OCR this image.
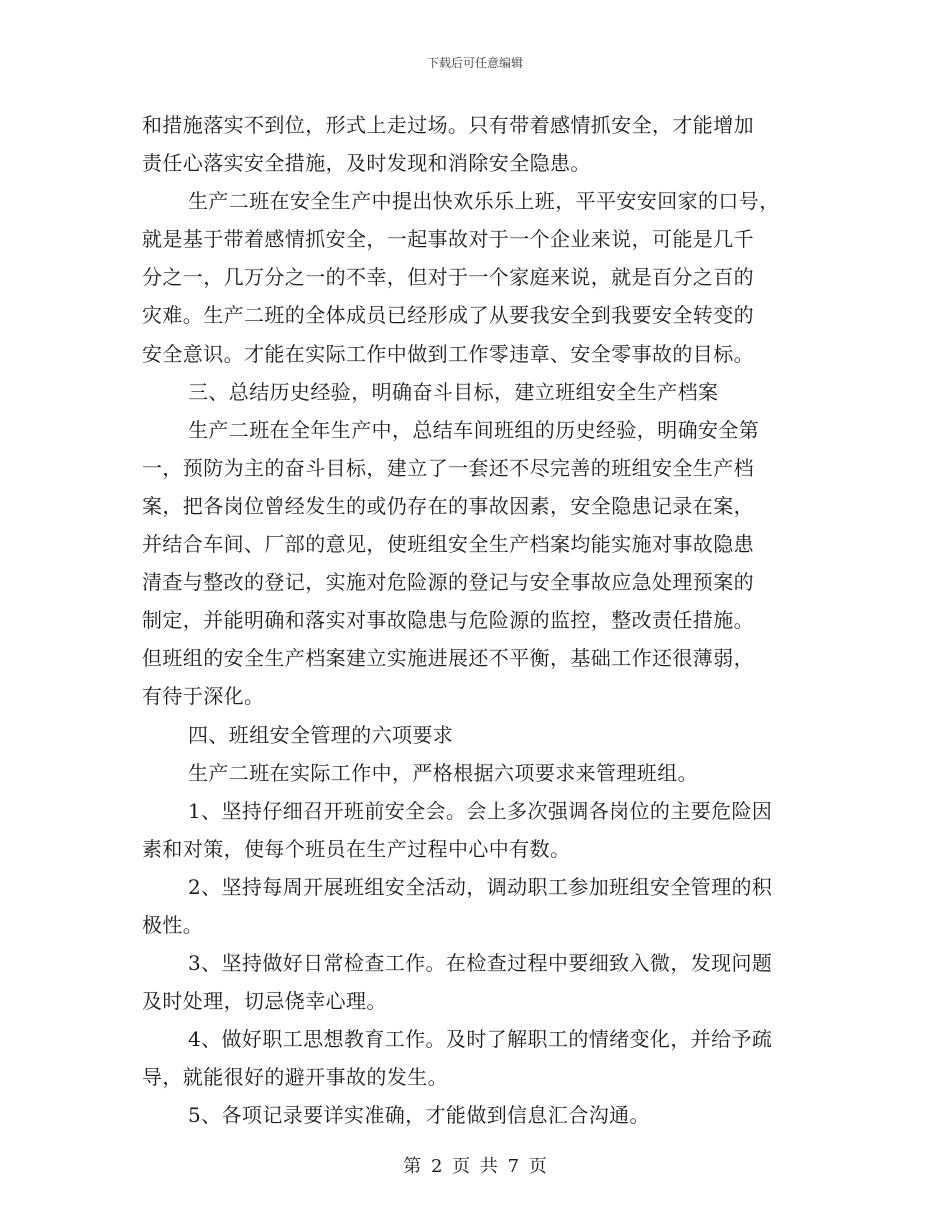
下载后可任意编辑
和措施落实不到位，形式上走过场。只有带着感情抓安全，才能增加
责任心落实安全措施，及时发现和消除安全隐患。
生产二班在安全生产中提出快欢乐乐上班，平平安安回家的口号，
就是基于带着感情抓安全，一起事故对于一个企业来说，可能是几千
分之一，几万分之一的不幸，但对于一个家庭来说，就是百分之百的
灾难。生产二班的全体成员已经形成了从要我安全到我要安全转变的
安全意识。才能在实际工作中做到工作零违章、安全零事故的目标。
三、总结历史经验，明确奋斗目标，建立班组安全生产档案
生产二班在全年生产中，总结车间班组的历史经验，明确安全第
一，预防为主的奋斗目标，建立了一套还不尽完善的班组安全生产档
案，把各岗位曾经发生的或仍存在的事故因素，安全隐患记录在案，
并结合车间、厂部的意见，使班组安全生产档案均能实施对事故隐患
清查与整改的登记，实施对危险源的登记与安全事故应急处理预案的
制定，并能明确和落实对事故隐患与危险源的监控，整改责任措施。
但班组的安全生产档案建立实施进展还不平衡，基础工作还很薄弱，
有待于深化。
四、班组安全管理的六项要求
生产二班在实际工作中，严格根据六项要求来管理班组。
1、坚持仔细召开班前安全会。会上多次强调各岗位的主要危险因
素和对策，使每个班员在生产过程中心中有数。
2、坚持每周开展班组安全活动，调动职工参加班组安全管理的积
极性。
3、坚持做好日常检查工作。在检查过程中要细致入微，发现问题
及时处理，切忌侥幸心理。
4、做好职工思想教育工作。及时了解职工的情绪变化，并给予疏
导，就能很好的避开事故的发生。
5、各项记录要详实准确，才能做到信息汇合沟通。
第 2 页 共 7 页
